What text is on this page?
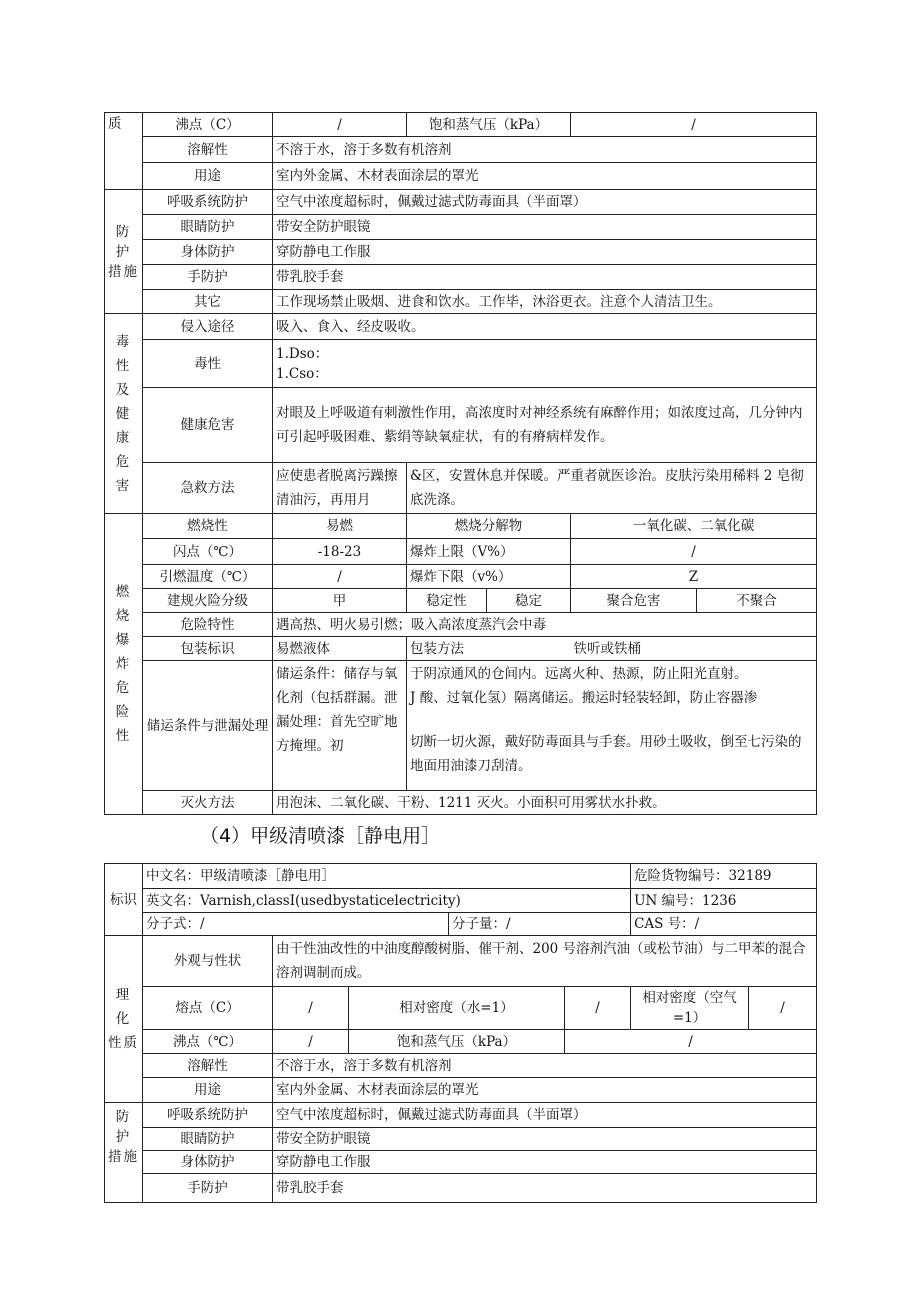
质	沸点（C）	/	饱和蒸气压（kPa）		/	
	溶解性	不溶于水，溶于多数有机溶剂				
	用途	室内外金属、木材表面涂层的罩光				
防 护
措施	呼吸系统防护	空气中浓度超标时，佩戴过滤式防毒面具（半面罩）				
	眼睛防护	带安全防护眼镜				
	身体防护	穿防静电工作服				
	手防护	带乳胶手套				
	其它	工作现场禁止吸烟、进食和饮水。工作毕，沐浴更衣。注意个人清洁卫生。				
毒 性
及 健
康 危
害	侵入途径	吸入、食入、经皮吸收。				
	毒性	1.Dso：
1.Cso：				

	健康危害	对眼及上呼吸道有刺激性作用，高浓度时对神经系统有麻醉作用；如浓度过高，几分钟内可引起呼吸困难、紫绢等缺氧症状，有的有瘠病样发作。				
	急救方法	应使患者脱离污躁擦清油污，再用月	&区，安置休息并保暖。严重者就医诊治。皮肤污染用稀料 2 皂彻底洗涤。			
燃 烧
爆 炸
危 险
性	燃烧性	易燃	燃烧分解物		一氧化碳、二氧化碳	
	闪点（℃）	-18-23	爆炸上限（V%）		/	
	引燃温度（℃）	/	爆炸下限（v%）		Z	
	建规火险分级	甲	稳定性	稳定	聚合危害	不聚合
	危险特性	遇高热、明火易引燃；吸入高浓度蒸汽会中毒				
	包装标识	易燃液体	包装方法		铁听或铁桶	
	储运条件与泄漏处理	储运条件：储存与氧化剂（包括群漏。泄漏处理：首先空旷地方掩埋。初	于阴凉通风的仓间内。远离火种、热源，防止阳光直射。
J 酸、过氧化氢）隔离储运。搬运时轻装轻卸，防止容器渗
切断一切火源，戴好防毒面具与手套。用砂土吸收，倒至七污染的地面用油漆刀刮清。			

	灭火方法	用泡沫、二氧化碳、干粉、1211 灭火。小面积可用雾状水扑救。				
（4）甲级清喷漆［静电用］
标识	中文名：甲级清喷漆［静电用］					危险货物编号：32189	
	英文名：Varnish,classI(usedbystaticelectricity)					UN 编号：1236	
	分子式：/			分子量：/		CAS 号：/	
理 化
性质	外观与性状	由干性油改性的中油度醇酸树脂、催干剂、200 号溶剂汽油（或松节油）与二甲苯的混合溶剂调制而成。					
	熔点（C）	/	相对密度（水=1）		/	相对密度（空气=1）	/
	沸点（℃）	/	饱和蒸气压（kPa）		/		
	溶解性	不溶于水，溶于多数有机溶剂					
	用途	室内外金属、木材表面涂层的罩光					
防 护
措施	呼吸系统防护	空气中浓度超标时，佩戴过滤式防毒面具（半面罩）					
	眼睛防护	带安全防护眼镜					
	身体防护	穿防静电工作服					
	手防护	带乳胶手套					
